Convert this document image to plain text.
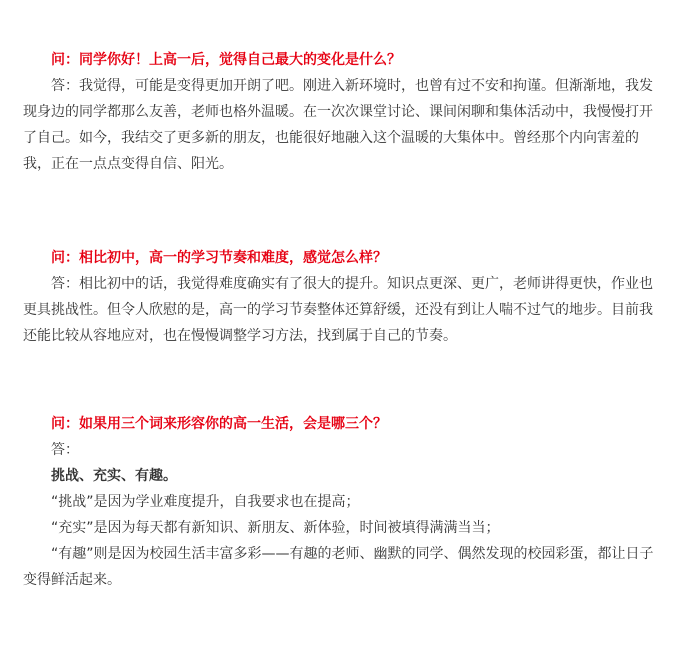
问：同学你好！上高一后，觉得自己最大的变化是什么？

答：我觉得，可能是变得更加开朗了吧。刚进入新环境时，也曾有过不安和拘谨。但渐渐地，我发现身边的同学都那么友善，老师也格外温暖。在一次次课堂讨论、课间闲聊和集体活动中，我慢慢打开了自己。如今，我结交了更多新的朋友，也能很好地融入这个温暖的大集体中。曾经那个内向害羞的我，正在一点点变得自信、阳光。

问：相比初中，高一的学习节奏和难度，感觉怎么样？

答：相比初中的话，我觉得难度确实有了很大的提升。知识点更深、更广，老师讲得更快，作业也更具挑战性。但令人欣慰的是，高一的学习节奏整体还算舒缓，还没有到让人喘不过气的地步。目前我还能比较从容地应对，也在慢慢调整学习方法，找到属于自己的节奏。

问：如果用三个词来形容你的高一生活，会是哪三个？

答：

挑战、充实、有趣。

“挑战”是因为学业难度提升，自我要求也在提高；

“充实”是因为每天都有新知识、新朋友、新体验，时间被填得满满当当；

“有趣”则是因为校园生活丰富多彩——有趣的老师、幽默的同学、偶然发现的校园彩蛋，都让日子变得鲜活起来。
